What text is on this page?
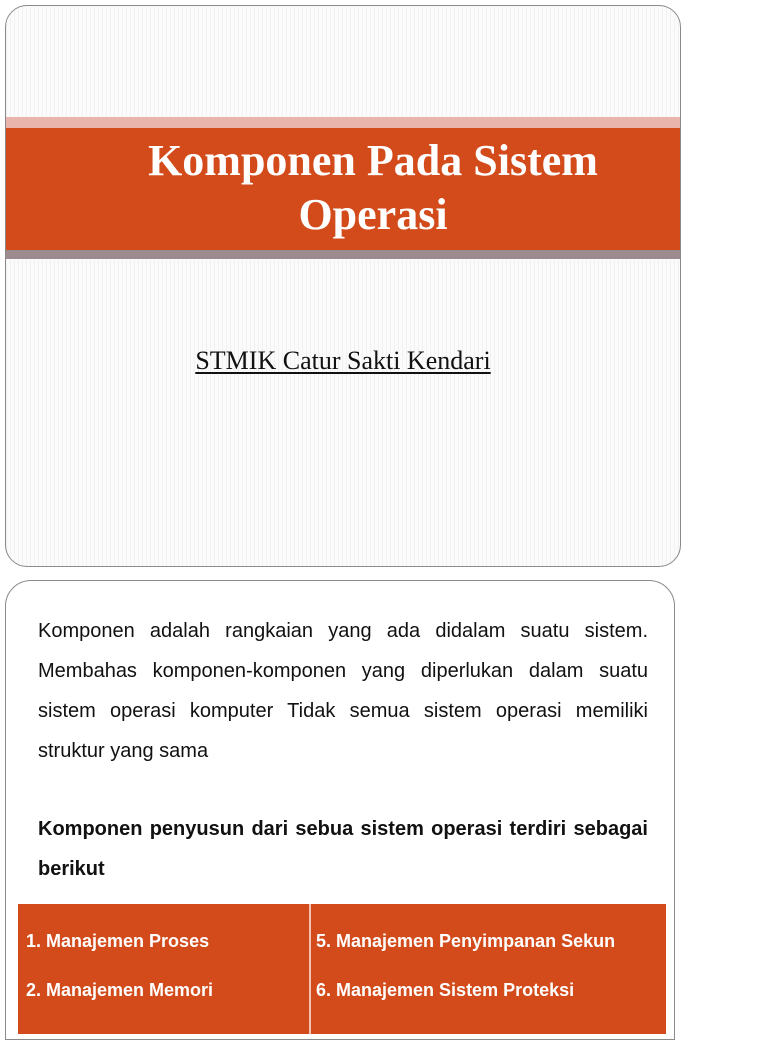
Komponen Pada Sistem
Operasi
STMIK Catur Sakti Kendari

Komponen adalah rangkaian yang ada didalam suatu sistem. Membahas komponen-komponen yang diperlukan dalam suatu sistem operasi komputer Tidak semua sistem operasi memiliki struktur yang sama

Komponen penyusun dari sebua sistem operasi terdiri sebagai berikut

1. Manajemen Proses
2. Manajemen Memori
5. Manajemen Penyimpanan Sekun
6. Manajemen Sistem Proteksi
